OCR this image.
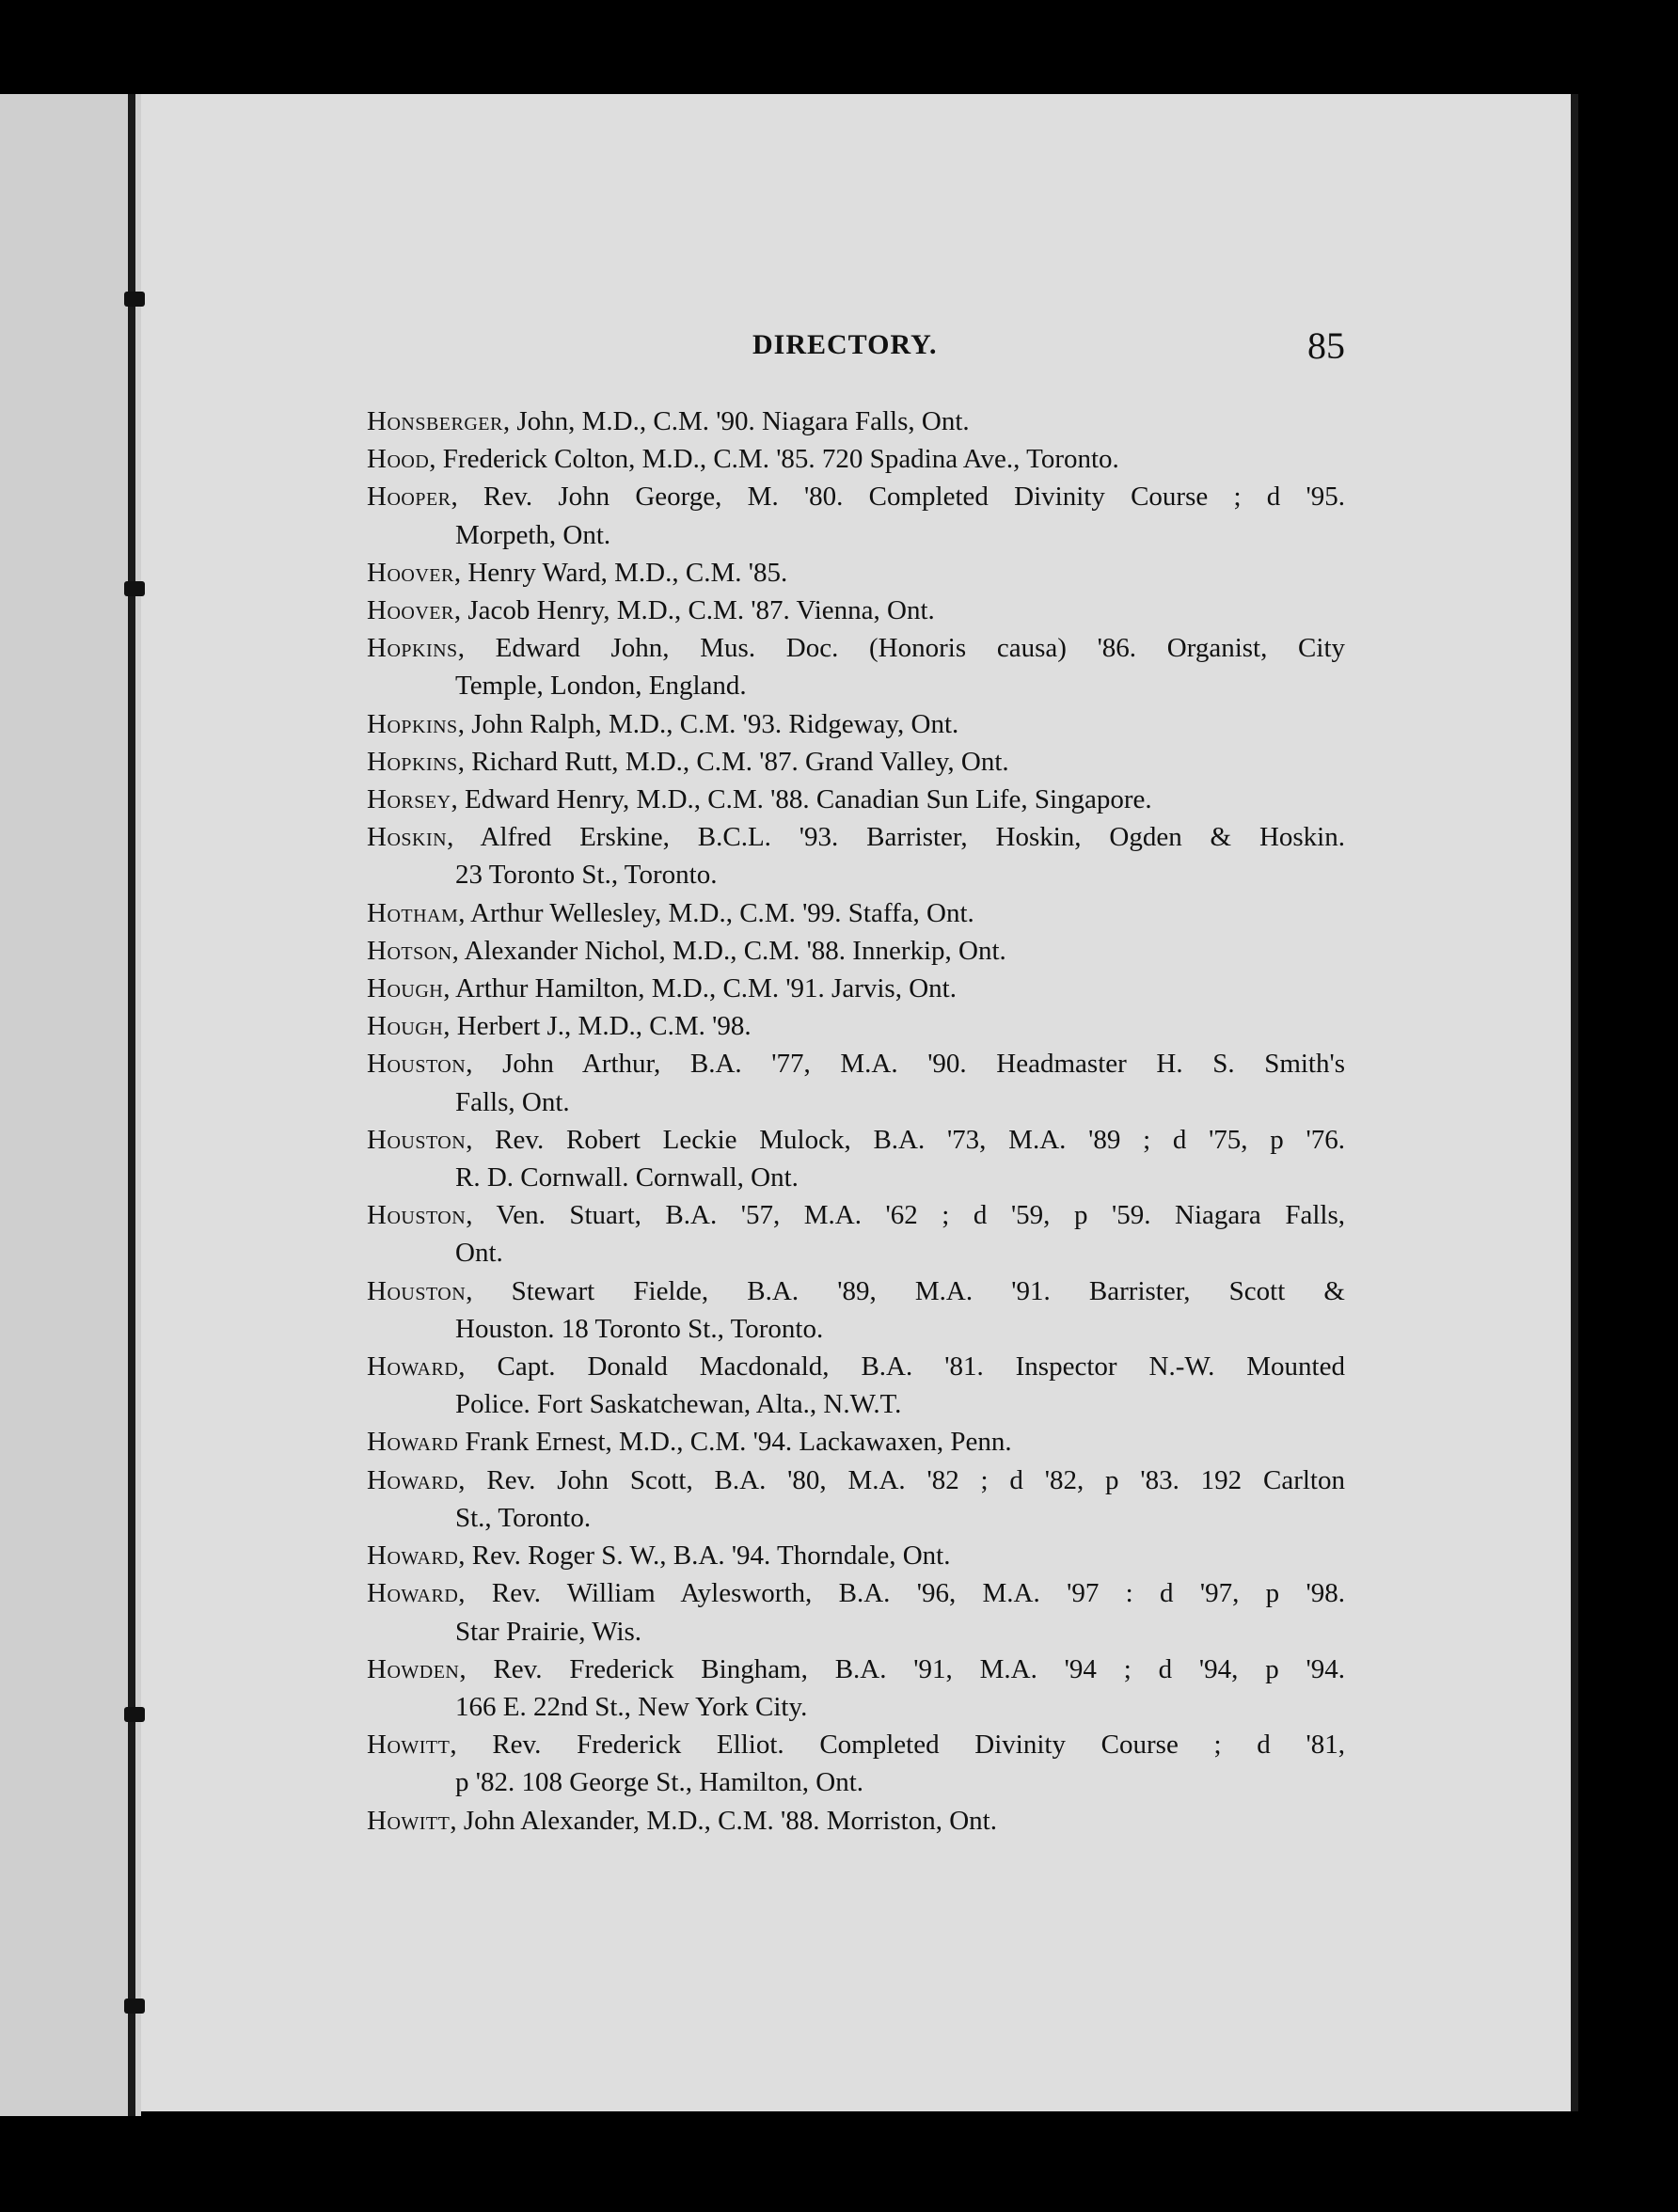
DIRECTORY.	85
Honsberger, John, M.D., C.M. '90. Niagara Falls, Ont.
Hood, Frederick Colton, M.D., C.M. '85. 720 Spadina Ave., Toronto.
Hooper, Rev. John George, M. '80. Completed Divinity Course ; d '95.
Morpeth, Ont.
Hoover, Henry Ward, M.D., C.M. '85.
Hoover, Jacob Henry, M.D., C.M. '87. Vienna, Ont.
Hopkins, Edward John, Mus. Doc. (Honoris causa) '86. Organist, City
Temple, London, England.
Hopkins, John Ralph, M.D., C.M. '93. Ridgeway, Ont.
Hopkins, Richard Rutt, M.D., C.M. '87. Grand Valley, Ont.
Horsey, Edward Henry, M.D., C.M. '88. Canadian Sun Life, Singapore.
Hoskin, Alfred Erskine, B.C.L. '93. Barrister, Hoskin, Ogden & Hoskin.
23 Toronto St., Toronto.
Hotham, Arthur Wellesley, M.D., C.M. '99. Staffa, Ont.
Hotson, Alexander Nichol, M.D., C.M. '88. Innerkip, Ont.
Hough, Arthur Hamilton, M.D., C.M. '91. Jarvis, Ont.
Hough, Herbert J., M.D., C.M. '98.
Houston, John Arthur, B.A. '77, M.A. '90. Headmaster H. S. Smith's
Falls, Ont.
Houston, Rev. Robert Leckie Mulock, B.A. '73, M.A. '89 ; d '75, p '76.
R. D. Cornwall. Cornwall, Ont.
Houston, Ven. Stuart, B.A. '57, M.A. '62 ; d '59, p '59. Niagara Falls,
Ont.
Houston, Stewart Fielde, B.A. '89, M.A. '91. Barrister, Scott &
Houston. 18 Toronto St., Toronto.
Howard, Capt. Donald Macdonald, B.A. '81. Inspector N.-W. Mounted
Police. Fort Saskatchewan, Alta., N.W.T.
Howard Frank Ernest, M.D., C.M. '94. Lackawaxen, Penn.
Howard, Rev. John Scott, B.A. '80, M.A. '82 ; d '82, p '83. 192 Carlton
St., Toronto.
Howard, Rev. Roger S. W., B.A. '94. Thorndale, Ont.
Howard, Rev. William Aylesworth, B.A. '96, M.A. '97 : d '97, p '98.
Star Prairie, Wis.
Howden, Rev. Frederick Bingham, B.A. '91, M.A. '94 ; d '94, p '94.
166 E. 22nd St., New York City.
Howitt, Rev. Frederick Elliot. Completed Divinity Course ; d '81,
p '82. 108 George St., Hamilton, Ont.
Howitt, John Alexander, M.D., C.M. '88. Morriston, Ont.
